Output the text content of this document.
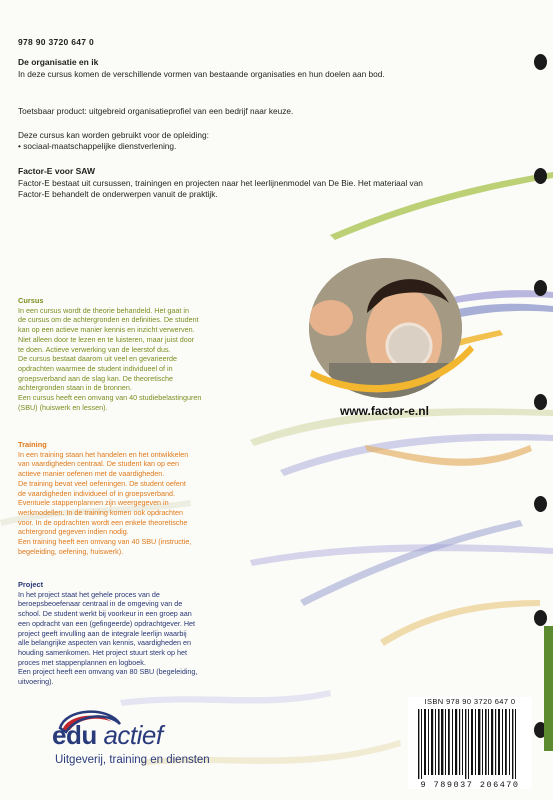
978 90 3720 647 0
De organisatie en ik
In deze cursus komen de verschillende vormen van bestaande organisaties en hun doelen aan bod.
Toetsbaar product: uitgebreid organisatieprofiel van een bedrijf naar keuze.
Deze cursus kan worden gebruikt voor de opleiding:
• sociaal-maatschappelijke dienstverlening.
Factor-E voor SAW
Factor-E bestaat uit cursussen, trainingen en projecten naar het leerlijnenmodel van De Bie. Het materiaal van Factor-E behandelt de onderwerpen vanuit de praktijk.
www.factor-e.nl
Cursus
In een cursus wordt de theorie behandeld. Het gaat in
de cursus om de achtergronden en definities. De student
kan op een actieve manier kennis en inzicht verwerven.
Niet alleen door te lezen en te luisteren, maar juist door
te doen. Actieve verwerking van de leerstof dus.
De cursus bestaat daarom uit veel en gevarieerde
opdrachten waarmee de student individueel of in
groepsverband aan de slag kan. De theoretische
achtergronden staan in de bronnen.
Een cursus heeft een omvang van 40 studiebelastinguren
(SBU) (huiswerk en lessen).
Training
In een training staan het handelen en het ontwikkelen
van vaardigheden centraal. De student kan op een
actieve manier oefenen met de vaardigheden.
De training bevat veel oefeningen. De student oefent
de vaardigheden individueel of in groepsverband.
Eventuele stappenplannen zijn weergegeven in
werkmodellen. In de training komen ook opdrachten
voor. In de opdrachten wordt een enkele theoretische
achtergrond gegeven indien nodig.
Een training heeft een omvang van 40 SBU (instructie,
begeleiding, oefening, huiswerk).
Project
In het project staat het gehele proces van de
beroepsbeoefenaar centraal in de omgeving van de
school. De student werkt bij voorkeur in een groep aan
een opdracht van een (gefingeerde) opdrachtgever. Het
project geeft invulling aan de integrale leerlijn waarbij
alle belangrijke aspecten van kennis, vaardigheden en
houding samenkomen. Het project stuurt sterk op het
proces met stappenplannen en logboek.
Een project heeft een omvang van 80 SBU (begeleiding,
uitvoering).
edu actief
Uitgeverij, training en diensten
ISBN 978 90 3720 647 0
9 789037 206470
